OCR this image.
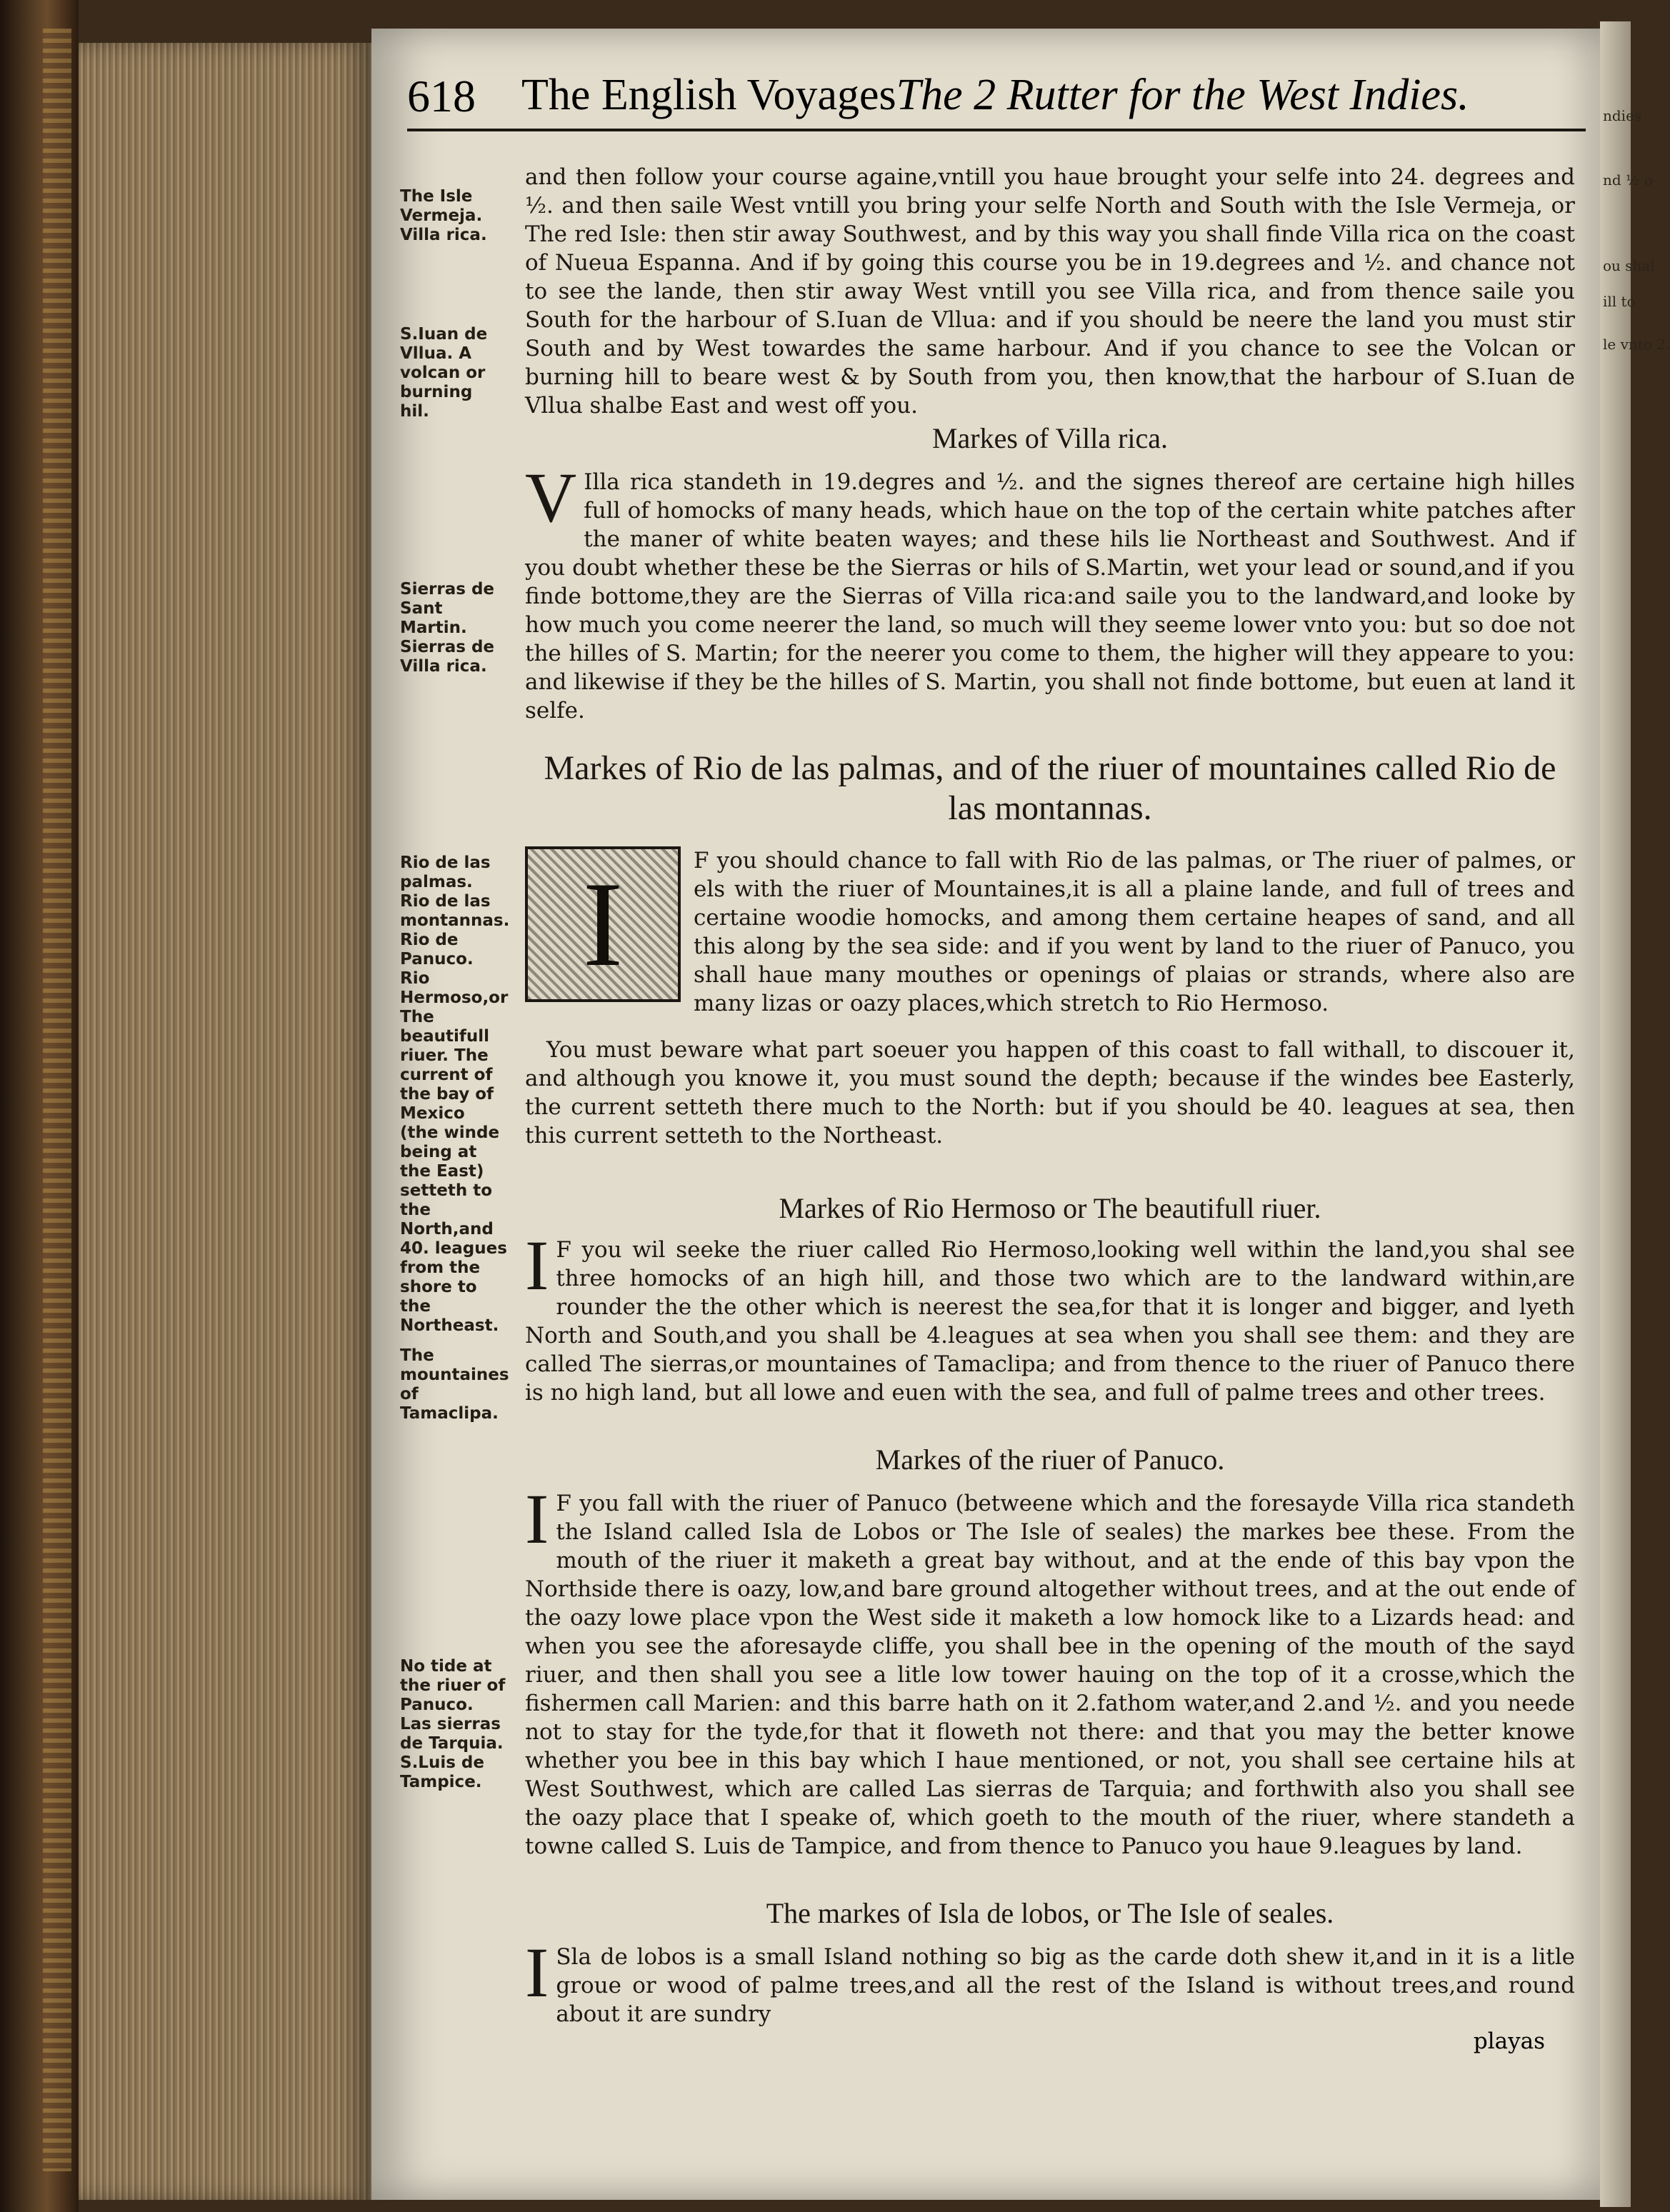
ndies
nd ½ o
ou shal
ill to
le vnto 2.
618 The English VoyagesThe 2 Rutter for the West Indies.
The Isle Vermeja. Villa rica.
S.Iuan de Vllua. A volcan or burning hil.
Sierras de Sant Martin. Sierras de Villa rica.
Rio de las palmas. Rio de las montannas. Rio de Panuco. Rio Hermoso,or The beautifull riuer. The current of the bay of Mexico (the winde being at the East) setteth to the North,and 40. leagues from the shore to the Northeast.
The mountaines of Tamaclipa.
No tide at the riuer of Panuco. Las sierras de Tarquia. S.Luis de Tampice.
and then follow your course againe,vntill you haue brought your selfe into 24. degrees and ½. and then saile West vntill you bring your selfe North and South with the Isle Vermeja, or The red Isle: then stir away Southwest, and by this way you shall finde Villa rica on the coast of Nueua Espanna. And if by going this course you be in 19.degrees and ½. and chance not to see the lande, then stir away West vntill you see Villa rica, and from thence saile you South for the harbour of S.Iuan de Vllua: and if you should be neere the land you must stir South and by West towardes the same harbour. And if you chance to see the Volcan or burning hill to beare west & by South from you, then know,that the harbour of S.Iuan de Vllua shalbe East and west off you.
Markes of Villa rica.
V Illa rica standeth in 19.degres and ½. and the signes thereof are certaine high hilles full of homocks of many heads, which haue on the top of the certain white patches after the maner of white beaten wayes; and these hils lie Northeast and Southwest. And if you doubt whether these be the Sierras or hils of S.Martin, wet your lead or sound,and if you finde bottome,they are the Sierras of Villa rica:and saile you to the landward,and looke by how much you come neerer the land, so much will they seeme lower vnto you: but so doe not the hilles of S. Martin; for the neerer you come to them, the higher will they appeare to you: and likewise if they be the hilles of S. Martin, you shall not finde bottome, but euen at land it selfe.
Markes of Rio de las palmas, and of the riuer of mountaines called Rio de las montannas.
I	F you should chance to fall with Rio de las palmas, or The riuer of palmes, or els with the riuer of Mountaines,it is all a plaine lande, and full of trees and certaine woodie homocks, and among them certaine heapes of sand, and all this along by the sea side: and if you went by land to the riuer of Panuco, you shall haue many mouthes or openings of plaias or strands, where also are many lizas or oazy places,which stretch to Rio Hermoso.
You must beware what part soeuer you happen of this coast to fall withall, to discouer it, and although you knowe it, you must sound the depth; because if the windes bee Easterly, the current setteth there much to the North: but if you should be 40. leagues at sea, then this current setteth to the Northeast.
Markes of Rio Hermoso or The beautifull riuer.
I F you wil seeke the riuer called Rio Hermoso,looking well within the land,you shal see three homocks of an high hill, and those two which are to the landward within,are rounder the the other which is neerest the sea,for that it is longer and bigger, and lyeth North and South,and you shall be 4.leagues at sea when you shall see them: and they are called The sierras,or mountaines of Tamaclipa; and from thence to the riuer of Panuco there is no high land, but all lowe and euen with the sea, and full of palme trees and other trees.
Markes of the riuer of Panuco.
I F you fall with the riuer of Panuco (betweene which and the foresayde Villa rica standeth the Island called Isla de Lobos or The Isle of seales) the markes bee these. From the mouth of the riuer it maketh a great bay without, and at the ende of this bay vpon the Northside there is oazy, low,and bare ground altogether without trees, and at the out ende of the oazy lowe place vpon the West side it maketh a low homock like to a Lizards head: and when you see the aforesayde cliffe, you shall bee in the opening of the mouth of the sayd riuer, and then shall you see a litle low tower hauing on the top of it a crosse,which the fishermen call Marien: and this barre hath on it 2.fathom water,and 2.and ½. and you neede not to stay for the tyde,for that it floweth not there: and that you may the better knowe whether you bee in this bay which I haue mentioned, or not, you shall see certaine hils at West Southwest, which are called Las sierras de Tarquia; and forthwith also you shall see the oazy place that I speake of, which goeth to the mouth of the riuer, where standeth a towne called S. Luis de Tampice, and from thence to Panuco you haue 9.leagues by land.
The markes of Isla de lobos, or The Isle of seales.
I Sla de lobos is a small Island nothing so big as the carde doth shew it,and in it is a litle groue or wood of palme trees,and all the rest of the Island is without trees,and round about it are sundry
playas
